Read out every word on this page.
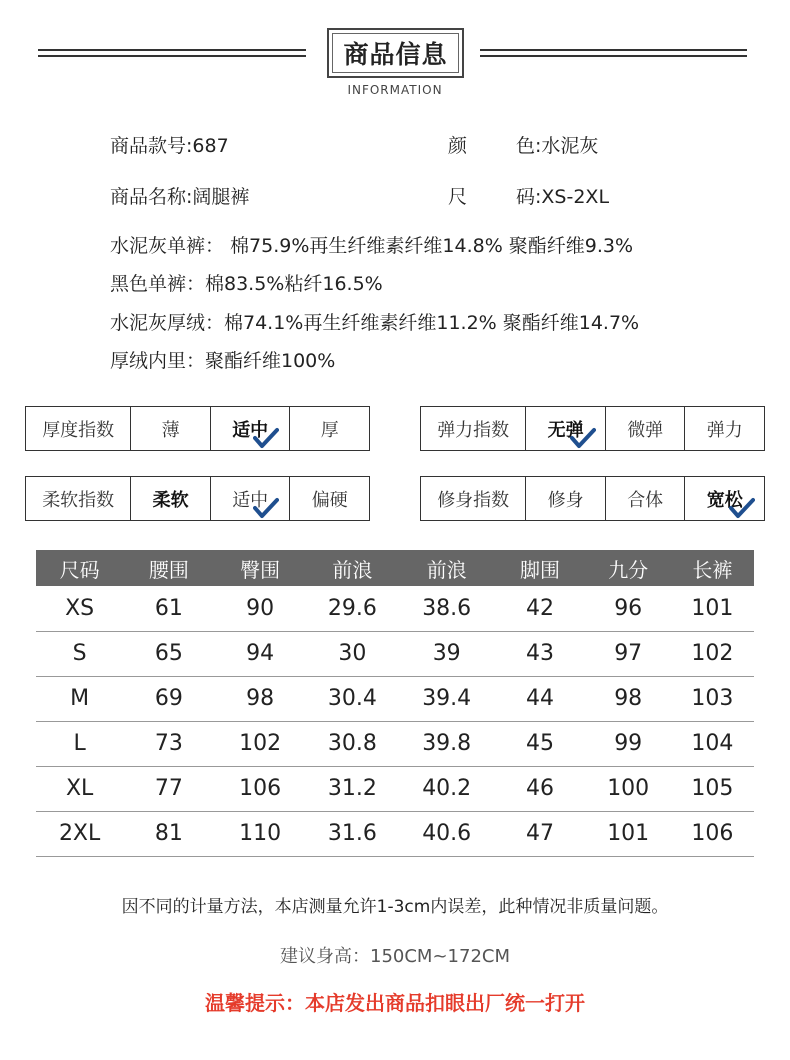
商品信息
INFORMATION
商品款号:687	颜	色:水泥灰
商品名称:阔腿裤	尺	码:XS-2XL
水泥灰单裤： 棉75.9%再生纤维素纤维14.8% 聚酯纤维9.3%
黑色单裤：棉83.5%粘纤16.5%
水泥灰厚绒：棉74.1%再生纤维素纤维11.2% 聚酯纤维14.7%
厚绒内里：聚酯纤维100%
厚度指数	薄	适中	厚	弹力指数	无弹	微弹	弹力
柔软指数	柔软	适中	偏硬	修身指数	修身	合体	宽松
尺码	腰围	臀围	前浪	前浪	脚围	九分	长裤
XS	61	90	29.6	38.6	42	96	101
S	65	94	30	39	43	97	102
M	69	98	30.4	39.4	44	98	103
L	73	102	30.8	39.8	45	99	104
XL	77	106	31.2	40.2	46	100	105
2XL	81	110	31.6	40.6	47	101	106
因不同的计量方法，本店测量允许1-3cm内误差，此种情况非质量问题。
建议身高：150CM~172CM
温馨提示：本店发出商品扣眼出厂统一打开
